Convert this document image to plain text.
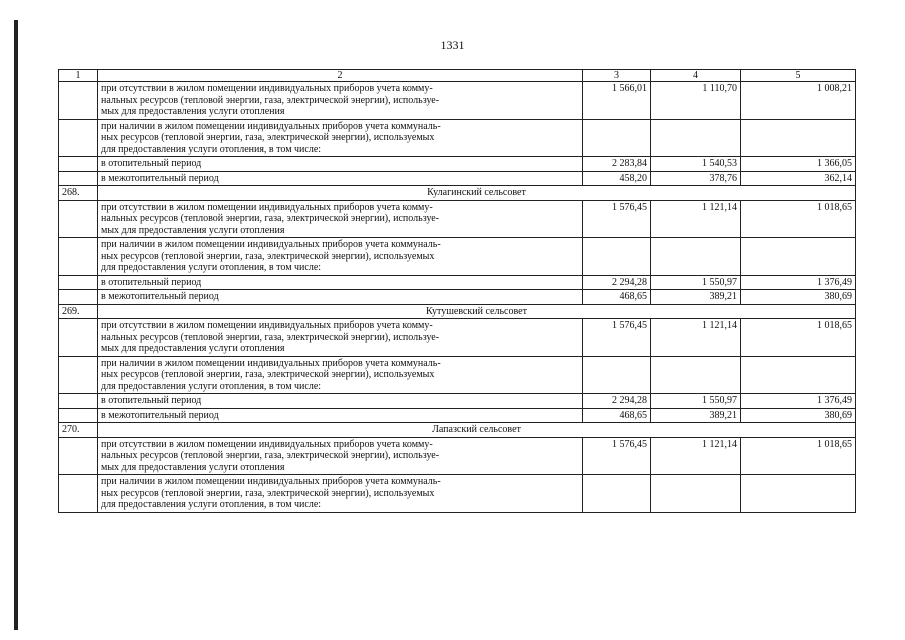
1331
1	2	3	4	5

	при отсутствии в жилом помещении индивидуальных приборов учета комму-
нальных ресурсов (тепловой энергии, газа, электрической энергии), используе-
мых для предоставления услуги отопления	1 566,01	1 110,70	1 008,21

	при наличии в жилом помещении индивидуальных приборов учета коммуналь-
ных ресурсов (тепловой энергии, газа, электрической энергии), используемых
для предоставления услуги отопления, в том числе:			

	в отопительный период	2 283,84	1 540,53	1 366,05

	в межотопительный период	458,20	378,76	362,14
268.	Кулагинский сельсовет			

	при отсутствии в жилом помещении индивидуальных приборов учета комму-
нальных ресурсов (тепловой энергии, газа, электрической энергии), используе-
мых для предоставления услуги отопления	1 576,45	1 121,14	1 018,65

	при наличии в жилом помещении индивидуальных приборов учета коммуналь-
ных ресурсов (тепловой энергии, газа, электрической энергии), используемых
для предоставления услуги отопления, в том числе:			

	в отопительный период	2 294,28	1 550,97	1 376,49

	в межотопительный период	468,65	389,21	380,69
269.	Кутушевский сельсовет			

	при отсутствии в жилом помещении индивидуальных приборов учета комму-
нальных ресурсов (тепловой энергии, газа, электрической энергии), используе-
мых для предоставления услуги отопления	1 576,45	1 121,14	1 018,65

	при наличии в жилом помещении индивидуальных приборов учета коммуналь-
ных ресурсов (тепловой энергии, газа, электрической энергии), используемых
для предоставления услуги отопления, в том числе:			

	в отопительный период	2 294,28	1 550,97	1 376,49

	в межотопительный период	468,65	389,21	380,69
270.	Лапазский сельсовет			

	при отсутствии в жилом помещении индивидуальных приборов учета комму-
нальных ресурсов (тепловой энергии, газа, электрической энергии), используе-
мых для предоставления услуги отопления	1 576,45	1 121,14	1 018,65

	при наличии в жилом помещении индивидуальных приборов учета коммуналь-
ных ресурсов (тепловой энергии, газа, электрической энергии), используемых
для предоставления услуги отопления, в том числе:			
